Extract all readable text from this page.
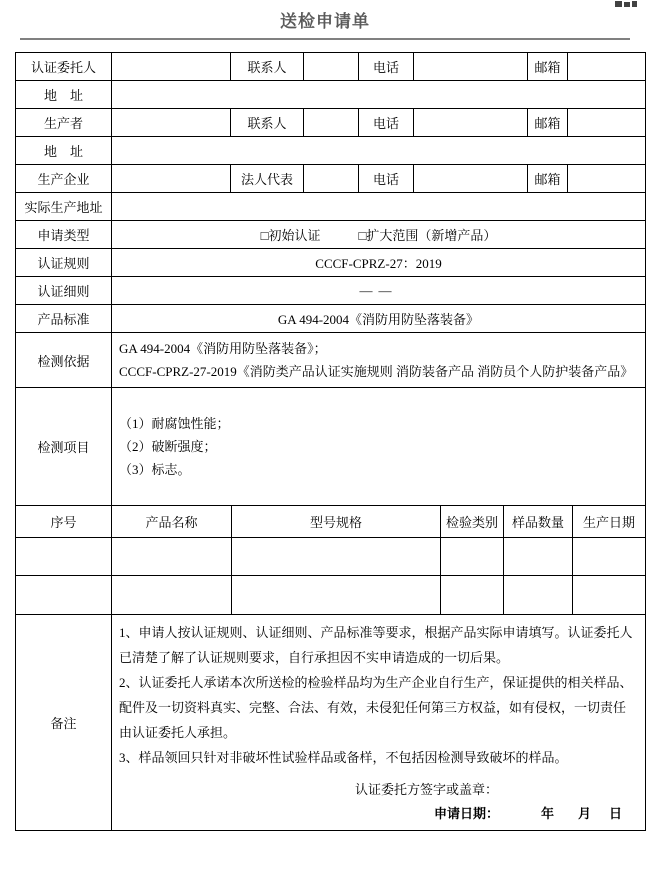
送检申请单
认证委托人		联系人		电话		邮箱	
地　址							
生产者		联系人		电话		邮箱	
地　址							
生产企业		法人代表		电话		邮箱	
实际生产地址							
申请类型	□初始认证 □扩大范围（新增产品）						

认证规则	CCCF-CPRZ-27：2019						
认证细则	——						
产品标准	GA 494-2004《消防用防坠落装备》						
检测依据	GA 494-2004《消防用防坠落装备》；

CCCF-CPRZ-27-2019《消防类产品认证实施规则 消防装备产品 消防员个人防护装备产品》						

检测项目	（1）耐腐蚀性能；

（2）破断强度；

（3）标志。						

序号	产品名称	型号规格	检验类别	样品数量	生产日期

备注	

1、申请人按认证规则、认证细则、产品标准等要求，根据产品实际申请填写。认证委托人已清楚了解了认证规则要求，自行承担因不实申请造成的一切后果。

2、认证委托人承诺本次所送检的检验样品均为生产企业自行生产，保证提供的相关样品、配件及一切资料真实、完整、合法、有效，未侵犯任何第三方权益，如有侵权，一切责任由认证委托人承担。

3、样品领回只针对非破坏性试验样品或备样，不包括因检测导致破坏的样品。

认证委托方签字或盖章：
申请日期：	年 月 日
